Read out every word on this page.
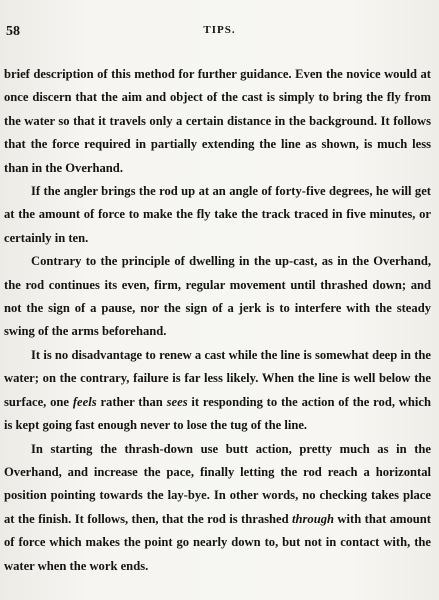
58	TIPS.

brief description of this method for further guidance. Even the novice would at once discern that the aim and object of the cast is simply to bring the fly from the water so that it travels only a certain distance in the background. It follows that the force required in partially extending the line as shown, is much less than in the Overhand.

If the angler brings the rod up at an angle of forty-five degrees, he will get at the amount of force to make the fly take the track traced in five minutes, or certainly in ten.

Contrary to the principle of dwelling in the up-cast, as in the Overhand, the rod continues its even, firm, regular movement until thrashed down; and not the sign of a pause, nor the sign of a jerk is to interfere with the steady swing of the arms beforehand.

It is no disadvantage to renew a cast while the line is somewhat deep in the water; on the contrary, failure is far less likely. When the line is well below the surface, one feels rather than sees it responding to the action of the rod, which is kept going fast enough never to lose the tug of the line.

In starting the thrash-down use butt action, pretty much as in the Overhand, and increase the pace, finally letting the rod reach a horizontal position pointing towards the lay-bye. In other words, no checking takes place at the finish. It follows, then, that the rod is thrashed through with that amount of force which makes the point go nearly down to, but not in contact with, the water when the work ends.
